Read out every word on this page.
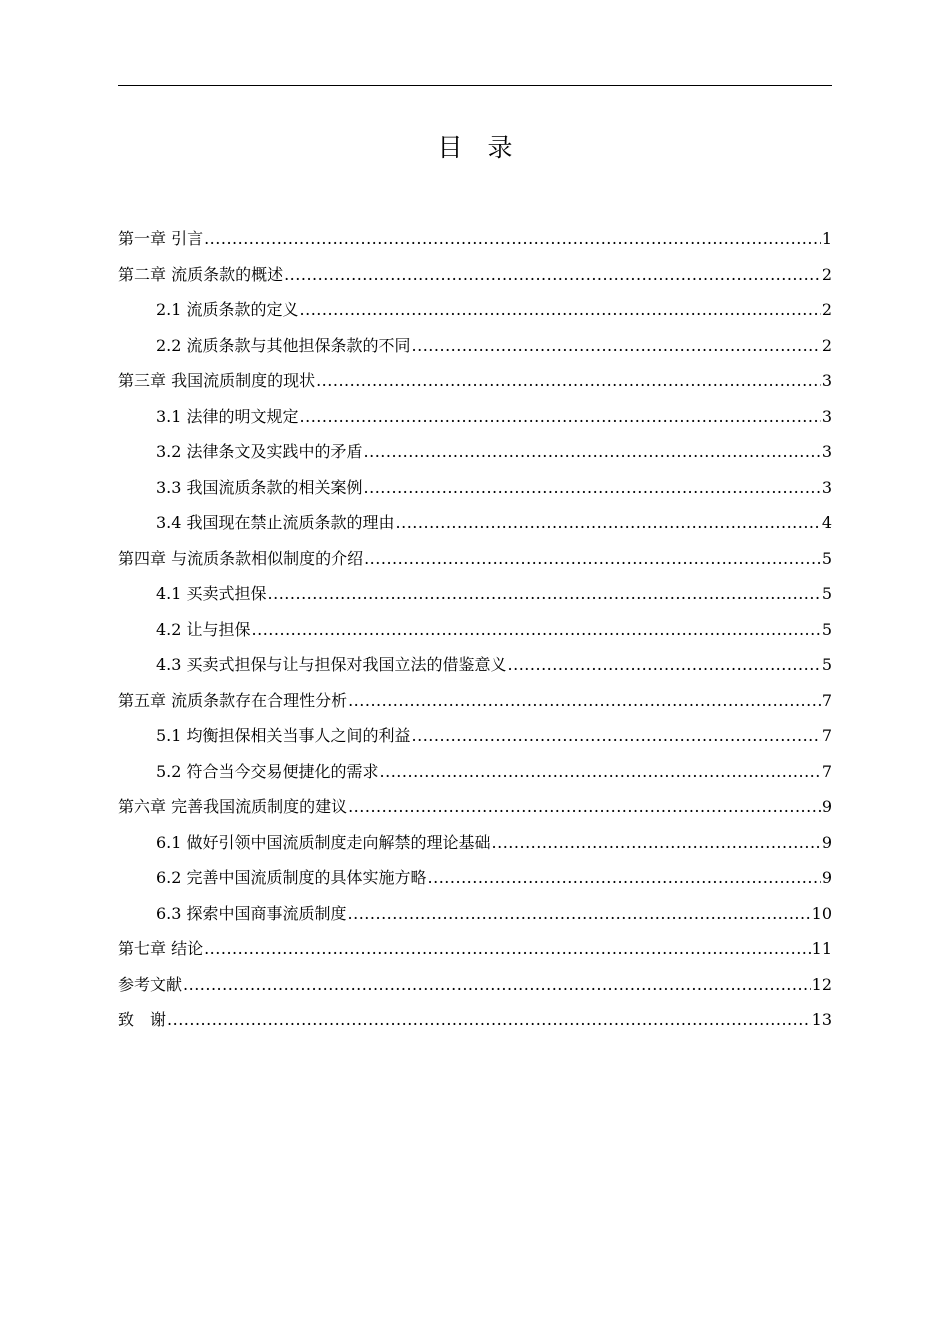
目　录
第一章 引言 .....	1
第二章 流质条款的概述 .....	2
2.1 流质条款的定义 .....	2
2.2 流质条款与其他担保条款的不同 .....	2
第三章 我国流质制度的现状 .....	3
3.1 法律的明文规定 .....	3
3.2 法律条文及实践中的矛盾 .....	3
3.3 我国流质条款的相关案例 .....	3
3.4 我国现在禁止流质条款的理由 .....	4
第四章 与流质条款相似制度的介绍 .....	5
4.1 买卖式担保 .....	5
4.2 让与担保 .....	5
4.3 买卖式担保与让与担保对我国立法的借鉴意义 .....	5
第五章 流质条款存在合理性分析 .....	7
5.1 均衡担保相关当事人之间的利益 .....	7
5.2 符合当今交易便捷化的需求 .....	7
第六章 完善我国流质制度的建议 .....	9
6.1 做好引领中国流质制度走向解禁的理论基础 .....	9
6.2 完善中国流质制度的具体实施方略 .....	9
6.3 探索中国商事流质制度 .....	10
第七章 结论 .....	11
参考文献 .....	12
致　谢 .....	13
